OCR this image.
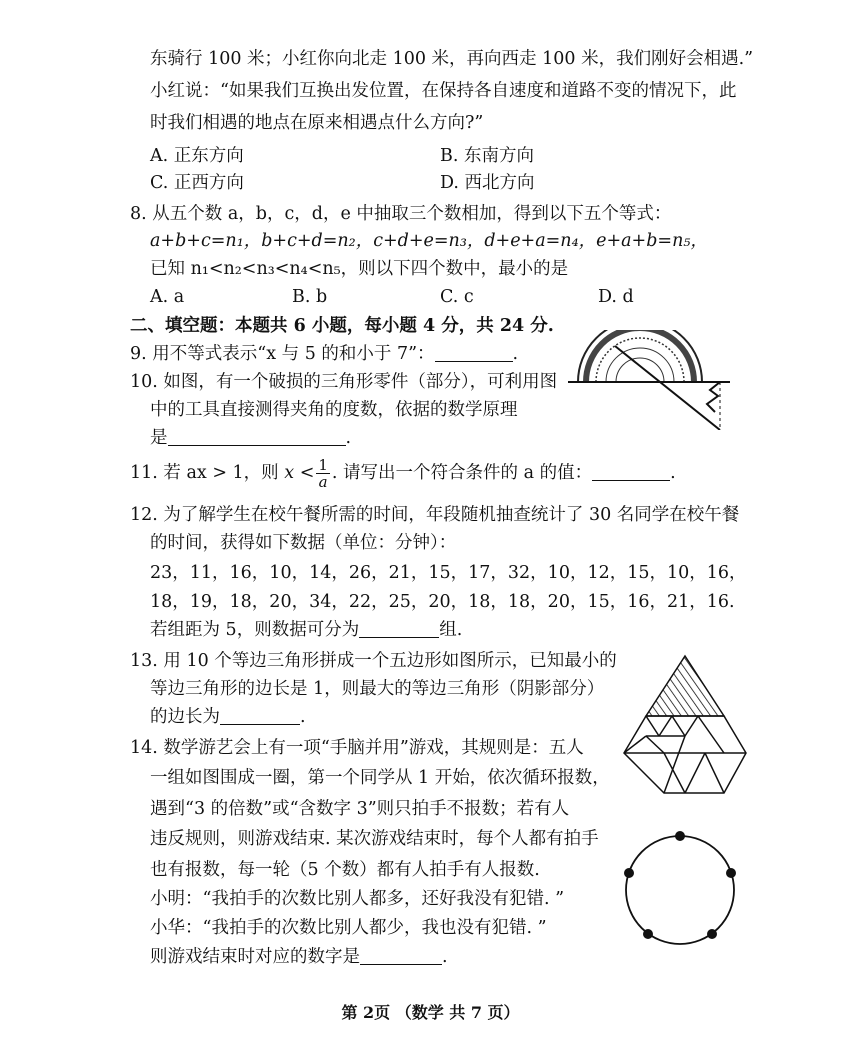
东骑行 100 米；小红你向北走 100 米，再向西走 100 米，我们刚好会相遇.”
小红说：“如果我们互换出发位置，在保持各自速度和道路不变的情况下，此
时我们相遇的地点在原来相遇点什么方向?”
A. 正东方向	B. 东南方向
C. 正西方向	D. 西北方向
8. 从五个数 a，b，c，d，e 中抽取三个数相加，得到以下五个等式：
a+b+c=n₁，b+c+d=n₂，c+d+e=n₃，d+e+a=n₄，e+a+b=n₅，
已知 n₁<n₂<n₃<n₄<n₅，则以下四个数中，最小的是
A. a	B. b	C. c	D. d
二、填空题：本题共 6 小题，每小题 4 分，共 24 分.
9. 用不等式表示“x 与 5 的和小于 7”：	.
10. 如图，有一个破损的三角形零件（部分），可利用图
中的工具直接测得夹角的度数，依据的数学原理
是	.
11. 若 ax > 1，则 $x < \frac{1}{a}$ . 请写出一个符合条件的 a 的值：	.
12. 为了解学生在校午餐所需的时间，年段随机抽查统计了 30 名同学在校午餐
的时间，获得如下数据（单位：分钟）：
23，11，16，10，14，26，21，15，17，32，10，12，15，10，16，
18，19，18，20，34，22，25，20，18，18，20，15，16，21，16.
若组距为 5，则数据可分为	组.
13. 用 10 个等边三角形拼成一个五边形如图所示，已知最小的
等边三角形的边长是 1，则最大的等边三角形（阴影部分）
的边长为	.
14. 数学游艺会上有一项“手脑并用”游戏，其规则是：五人
一组如图围成一圈，第一个同学从 1 开始，依次循环报数，
遇到“3 的倍数”或“含数字 3”则只拍手不报数；若有人
违反规则，则游戏结束. 某次游戏结束时，每个人都有拍手
也有报数，每一轮（5 个数）都有人拍手有人报数.
小明：“我拍手的次数比别人都多，还好我没有犯错. ”
小华：“我拍手的次数比别人都少，我也没有犯错. ”
则游戏结束时对应的数字是	.
第 2页 （数学 共 7 页）
